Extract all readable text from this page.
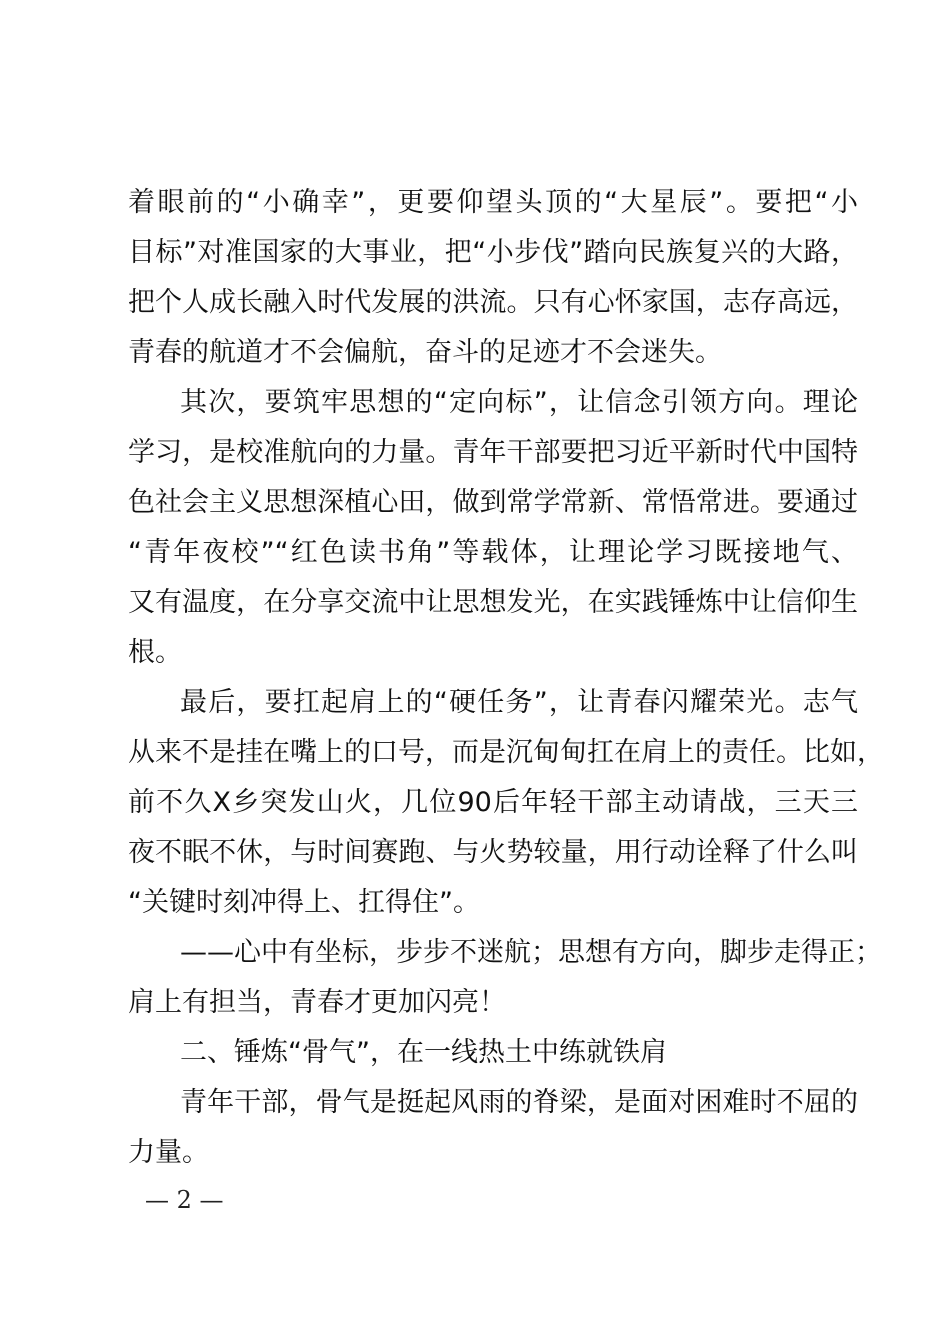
着眼前的“小确幸”，更要仰望头顶的“大星辰”。要把“小
目标”对准国家的大事业，把“小步伐”踏向民族复兴的大路，
把个人成长融入时代发展的洪流。只有心怀家国，志存高远，
青春的航道才不会偏航，奋斗的足迹才不会迷失。
其次，要筑牢思想的“定向标”，让信念引领方向。理论
学习，是校准航向的力量。青年干部要把习近平新时代中国特
色社会主义思想深植心田，做到常学常新、常悟常进。要通过
“青年夜校”“红色读书角”等载体，让理论学习既接地气、
又有温度，在分享交流中让思想发光，在实践锤炼中让信仰生
根。
最后，要扛起肩上的“硬任务”，让青春闪耀荣光。志气
从来不是挂在嘴上的口号，而是沉甸甸扛在肩上的责任。比如，
前不久X乡突发山火，几位90后年轻干部主动请战，三天三
夜不眠不休，与时间赛跑、与火势较量，用行动诠释了什么叫
“关键时刻冲得上、扛得住”。
——心中有坐标，步步不迷航；思想有方向，脚步走得正；
肩上有担当，青春才更加闪亮！
二、锤炼“骨气”，在一线热土中练就铁肩
青年干部，骨气是挺起风雨的脊梁，是面对困难时不屈的
力量。
— 2 —
